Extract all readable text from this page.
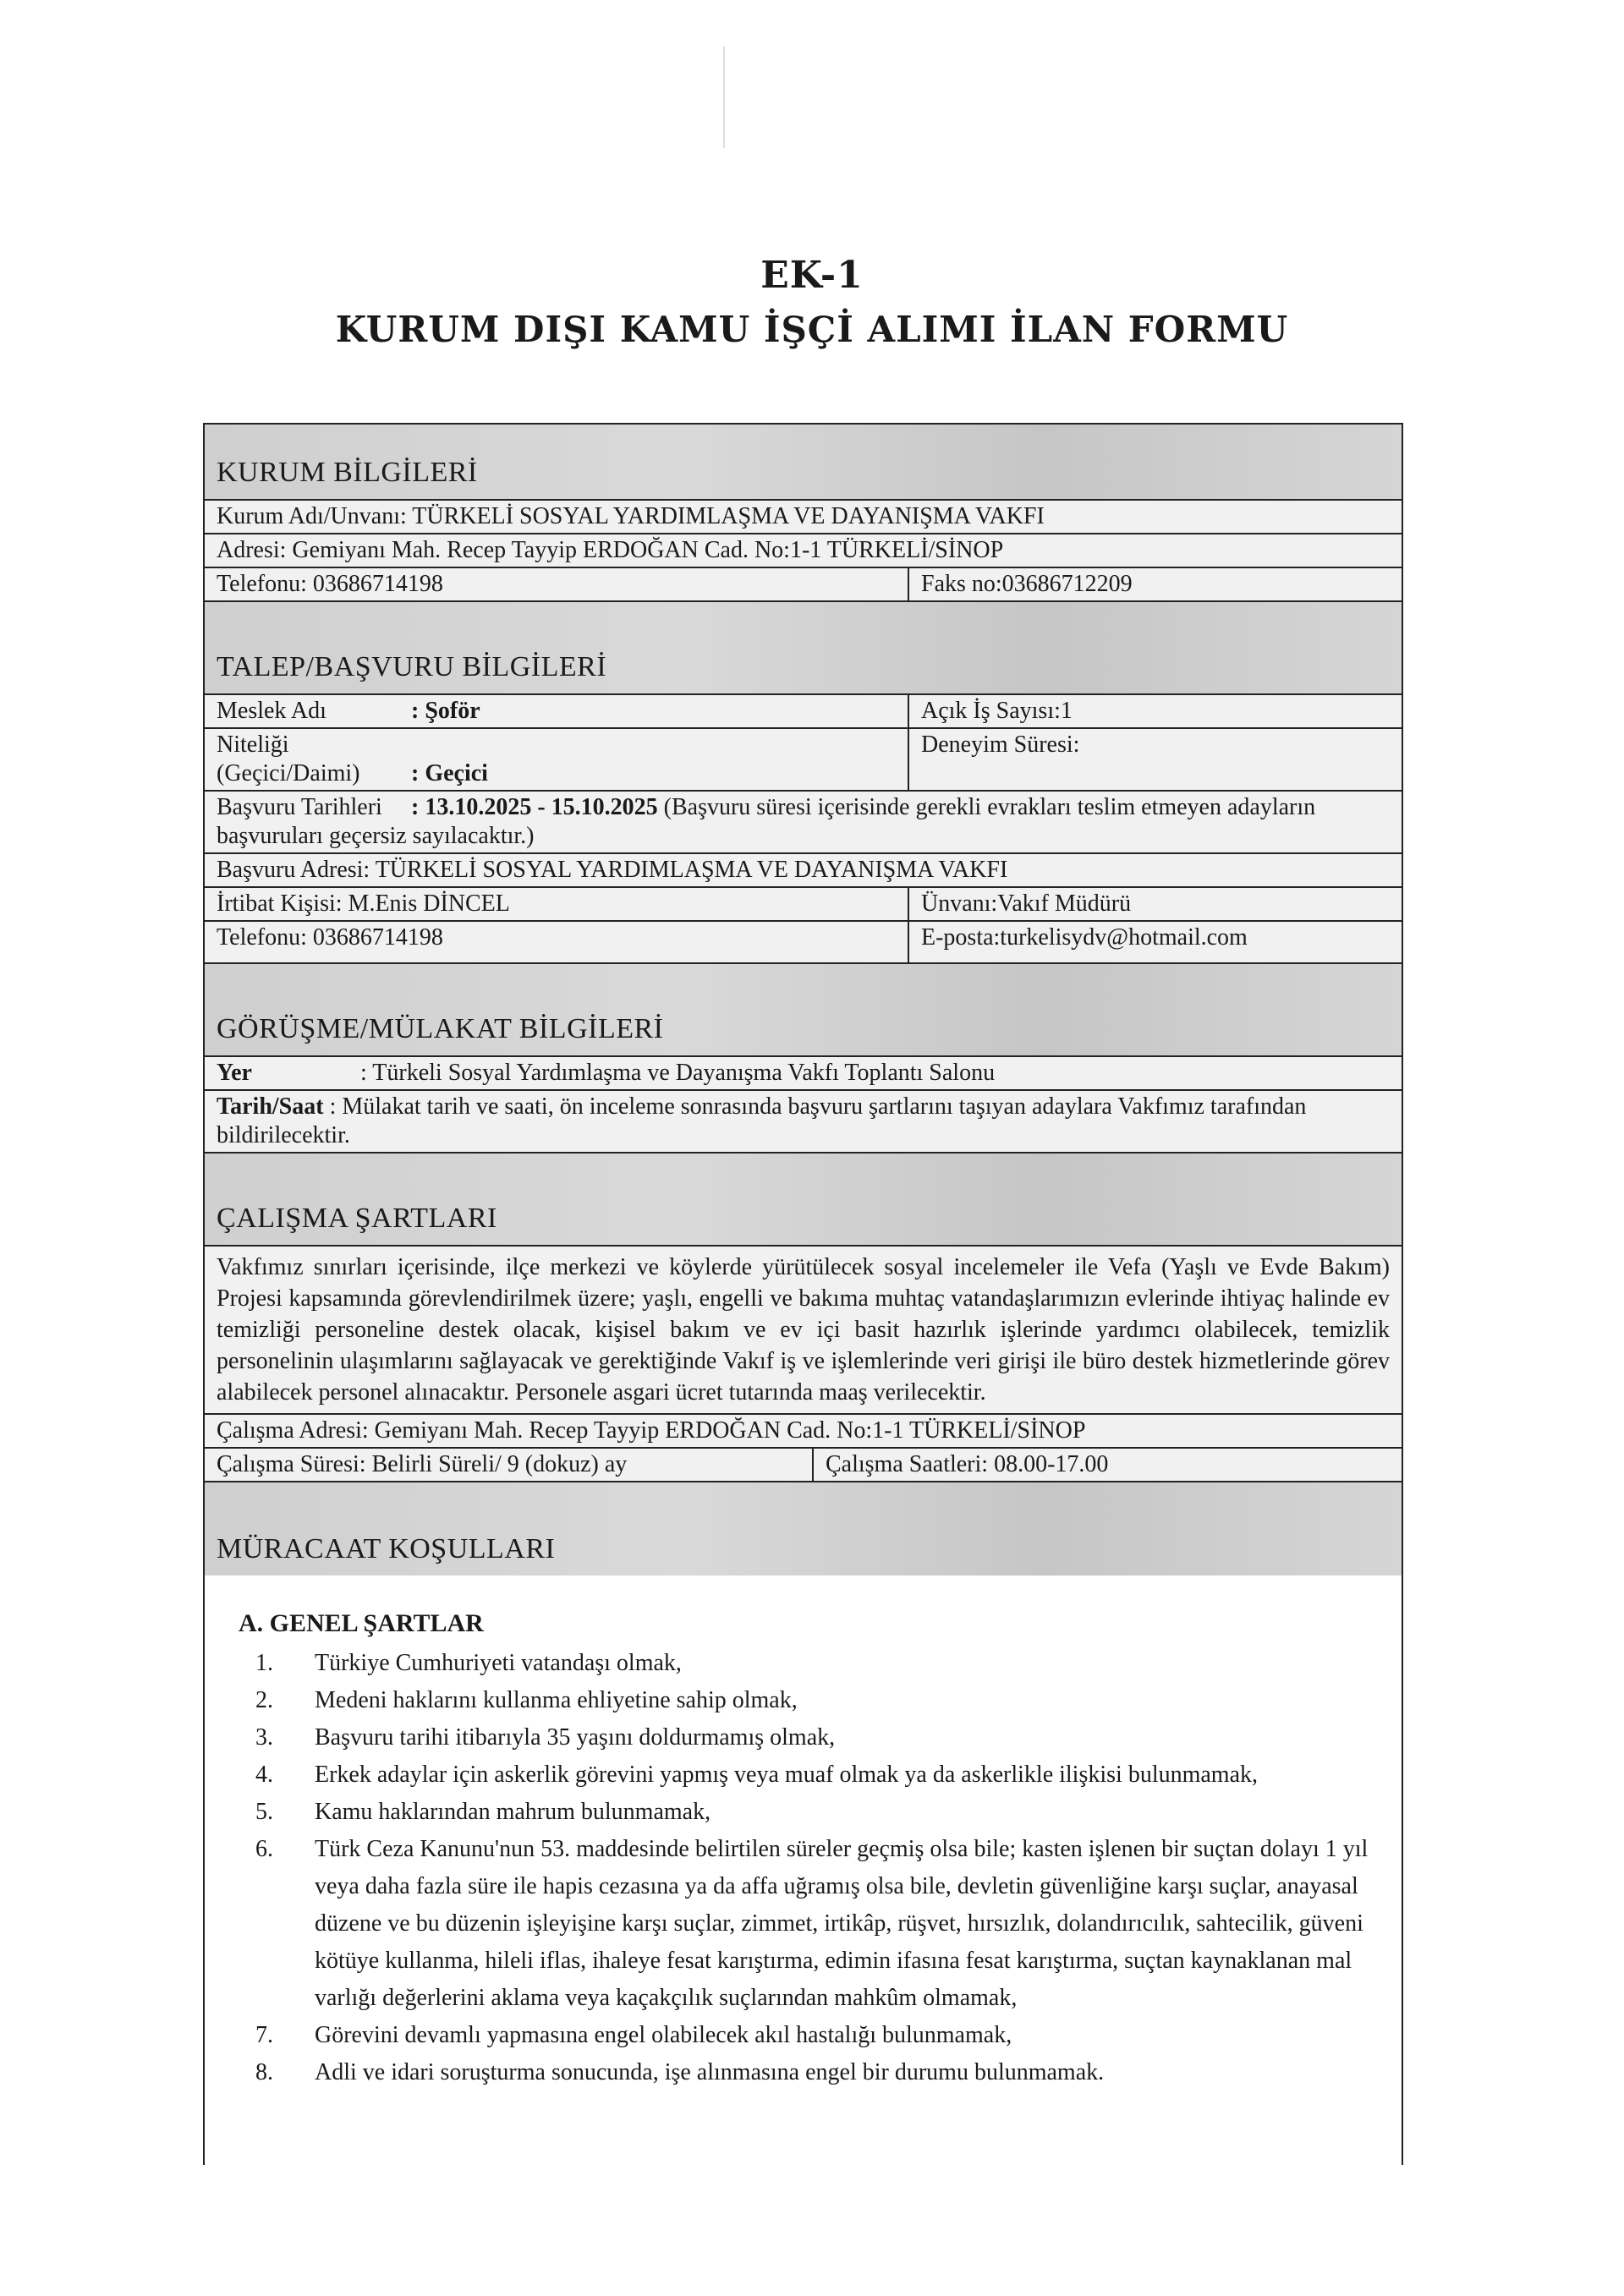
EK-1
KURUM DIŞI KAMU İŞÇİ ALIMI İLAN FORMU
KURUM BİLGİLERİ
Kurum Adı/Unvanı: TÜRKELİ SOSYAL YARDIMLAŞMA VE DAYANIŞMA VAKFI
Adresi: Gemiyanı Mah. Recep Tayyip ERDOĞAN Cad. No:1-1 TÜRKELİ/SİNOP
Telefonu: 03686714198	Faks no:03686712209
TALEP/BAŞVURU BİLGİLERİ
Meslek Adı	: Şoför	Açık İş Sayısı:1
Niteliği (Geçici/Daimi) : Geçici
Deneyim Süresi:
Başvuru Tarihleri : 13.10.2025 - 15.10.2025 (Başvuru süresi içerisinde gerekli evrakları teslim etmeyen adayların başvuruları geçersiz sayılacaktır.)
Başvuru Adresi: TÜRKELİ SOSYAL YARDIMLAŞMA VE DAYANIŞMA VAKFI
İrtibat Kişisi: M.Enis DİNCEL	Ünvanı:Vakıf Müdürü
Telefonu: 03686714198	E-posta:turkelisydv@hotmail.com
GÖRÜŞME/MÜLAKAT BİLGİLERİ
Yer	: Türkeli Sosyal Yardımlaşma ve Dayanışma Vakfı Toplantı Salonu
Tarih/Saat : Mülakat tarih ve saati, ön inceleme sonrasında başvuru şartlarını taşıyan adaylara Vakfımız tarafından bildirilecektir.
ÇALIŞMA ŞARTLARI
Vakfımız sınırları içerisinde, ilçe merkezi ve köylerde yürütülecek sosyal incelemeler ile Vefa (Yaşlı ve Evde Bakım) Projesi kapsamında görevlendirilmek üzere; yaşlı, engelli ve bakıma muhtaç vatandaşlarımızın evlerinde ihtiyaç halinde ev temizliği personeline destek olacak, kişisel bakım ve ev içi basit hazırlık işlerinde yardımcı olabilecek, temizlik personelinin ulaşımlarını sağlayacak ve gerektiğinde Vakıf iş ve işlemlerinde veri girişi ile büro destek hizmetlerinde görev alabilecek personel alınacaktır. Personele asgari ücret tutarında maaş verilecektir.
Çalışma Adresi: Gemiyanı Mah. Recep Tayyip ERDOĞAN Cad. No:1-1 TÜRKELİ/SİNOP
Çalışma Süresi: Belirli Süreli/ 9 (dokuz) ay	Çalışma Saatleri: 08.00-17.00
MÜRACAAT KOŞULLARI
A. GENEL ŞARTLAR
1.	Türkiye Cumhuriyeti vatandaşı olmak,
2.	Medeni haklarını kullanma ehliyetine sahip olmak,
3.	Başvuru tarihi itibarıyla 35 yaşını doldurmamış olmak,
4.	Erkek adaylar için askerlik görevini yapmış veya muaf olmak ya da askerlikle ilişkisi bulunmamak,
5.	Kamu haklarından mahrum bulunmamak,
6.	Türk Ceza Kanunu'nun 53. maddesinde belirtilen süreler geçmiş olsa bile; kasten işlenen bir suçtan dolayı 1 yıl veya daha fazla süre ile hapis cezasına ya da affa uğramış olsa bile, devletin güvenliğine karşı suçlar, anayasal düzene ve bu düzenin işleyişine karşı suçlar, zimmet, irtikâp, rüşvet, hırsızlık, dolandırıcılık, sahtecilik, güveni kötüye kullanma, hileli iflas, ihaleye fesat karıştırma, edimin ifasına fesat karıştırma, suçtan kaynaklanan mal varlığı değerlerini aklama veya kaçakçılık suçlarından mahkûm olmamak,
7.	Görevini devamlı yapmasına engel olabilecek akıl hastalığı bulunmamak,
8.	Adli ve idari soruşturma sonucunda, işe alınmasına engel bir durumu bulunmamak.
